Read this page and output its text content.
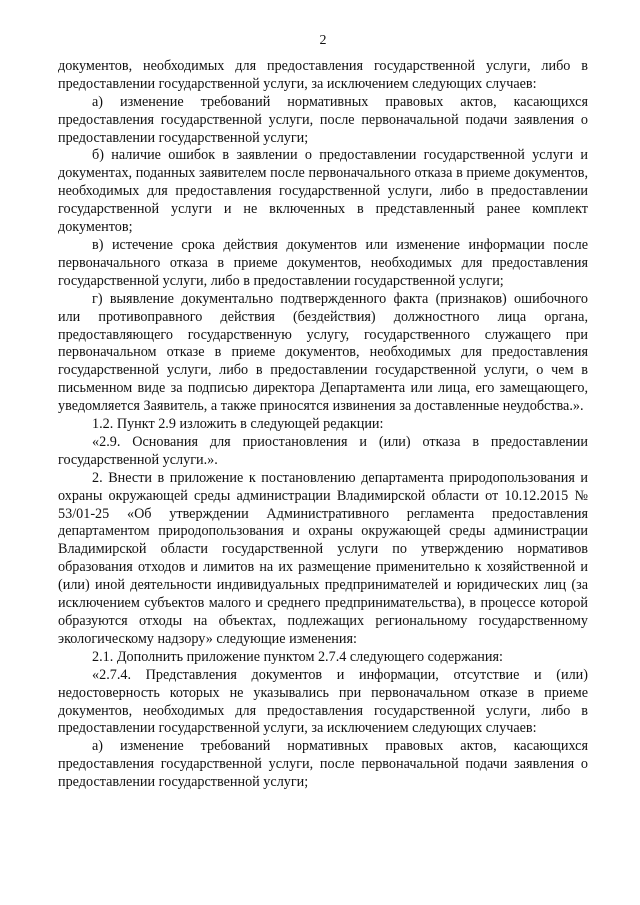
2

документов, необходимых для предоставления государственной услуги, либо в предоставлении государственной услуги, за исключением следующих случаев:

а) изменение требований нормативных правовых актов, касающихся предоставления государственной услуги, после первоначальной подачи заявления о предоставлении государственной услуги;

б) наличие ошибок в заявлении о предоставлении государственной услуги и документах, поданных заявителем после первоначального отказа в приеме документов, необходимых для предоставления государственной услуги, либо в предоставлении государственной услуги и не включенных в представленный ранее комплект документов;

в) истечение срока действия документов или изменение информации после первоначального отказа в приеме документов, необходимых для предоставления государственной услуги, либо в предоставлении государственной услуги;

г) выявление документально подтвержденного факта (признаков) ошибочного или противоправного действия (бездействия) должностного лица органа, предоставляющего государственную услугу, государственного служащего при первоначальном отказе в приеме документов, необходимых для предоставления государственной услуги, либо в предоставлении государственной услуги, о чем в письменном виде за подписью директора Департамента или лица, его замещающего, уведомляется Заявитель, а также приносятся извинения за доставленные неудобства.».

1.2. Пункт 2.9 изложить в следующей редакции:

«2.9. Основания для приостановления и (или) отказа в предоставлении государственной услуги.».

2. Внести в приложение к постановлению департамента природопользования и охраны окружающей среды администрации Владимирской области от 10.12.2015 № 53/01-25 «Об утверждении Административного регламента предоставления департаментом природопользования и охраны окружающей среды администрации Владимирской области государственной услуги по утверждению нормативов образования отходов и лимитов на их размещение применительно к хозяйственной и (или) иной деятельности индивидуальных предпринимателей и юридических лиц (за исключением субъектов малого и среднего предпринимательства), в процессе которой образуются отходы на объектах, подлежащих региональному государственному экологическому надзору» следующие изменения:

2.1. Дополнить приложение пунктом 2.7.4 следующего содержания:

«2.7.4. Представления документов и информации, отсутствие и (или) недостоверность которых не указывались при первоначальном отказе в приеме документов, необходимых для предоставления государственной услуги, либо в предоставлении государственной услуги, за исключением следующих случаев:

а) изменение требований нормативных правовых актов, касающихся предоставления государственной услуги, после первоначальной подачи заявления о предоставлении государственной услуги;
